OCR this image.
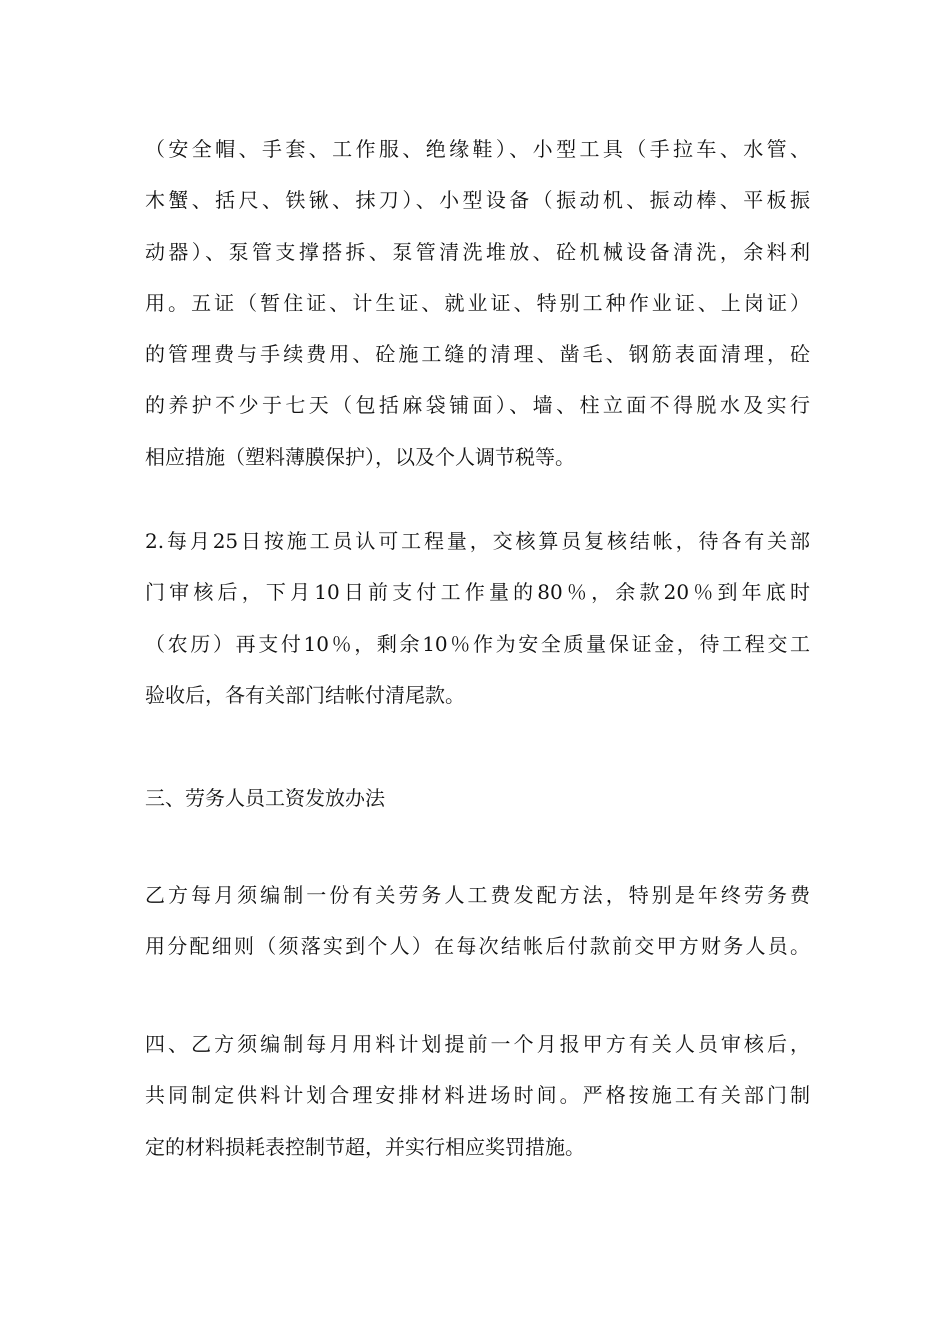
（安全帽、手套、工作服、绝缘鞋）、小型工具（手拉车、水管、
木蟹、括尺、铁锹、抹刀）、小型设备（振动机、振动棒、平板振
动器）、泵管支撑搭拆、泵管清洗堆放、砼机械设备清洗，余料利
用。五证（暂住证、计生证、就业证、特别工种作业证、上岗证）
的管理费与手续费用、砼施工缝的清理、凿毛、钢筋表面清理，砼
的养护不少于七天（包括麻袋铺面）、墙、柱立面不得脱水及实行
相应措施（塑料薄膜保护），以及个人调节税等。
2.每月25日按施工员认可工程量，交核算员复核结帐，待各有关部
门审核后，下月10日前支付工作量的80％，余款20％到年底时
（农历）再支付10％，剩余10％作为安全质量保证金，待工程交工
验收后，各有关部门结帐付清尾款。
三、劳务人员工资发放办法
乙方每月须编制一份有关劳务人工费发配方法，特别是年终劳务费
用分配细则（须落实到个人）在每次结帐后付款前交甲方财务人员。
四、乙方须编制每月用料计划提前一个月报甲方有关人员审核后，
共同制定供料计划合理安排材料进场时间。严格按施工有关部门制
定的材料损耗表控制节超，并实行相应奖罚措施。
